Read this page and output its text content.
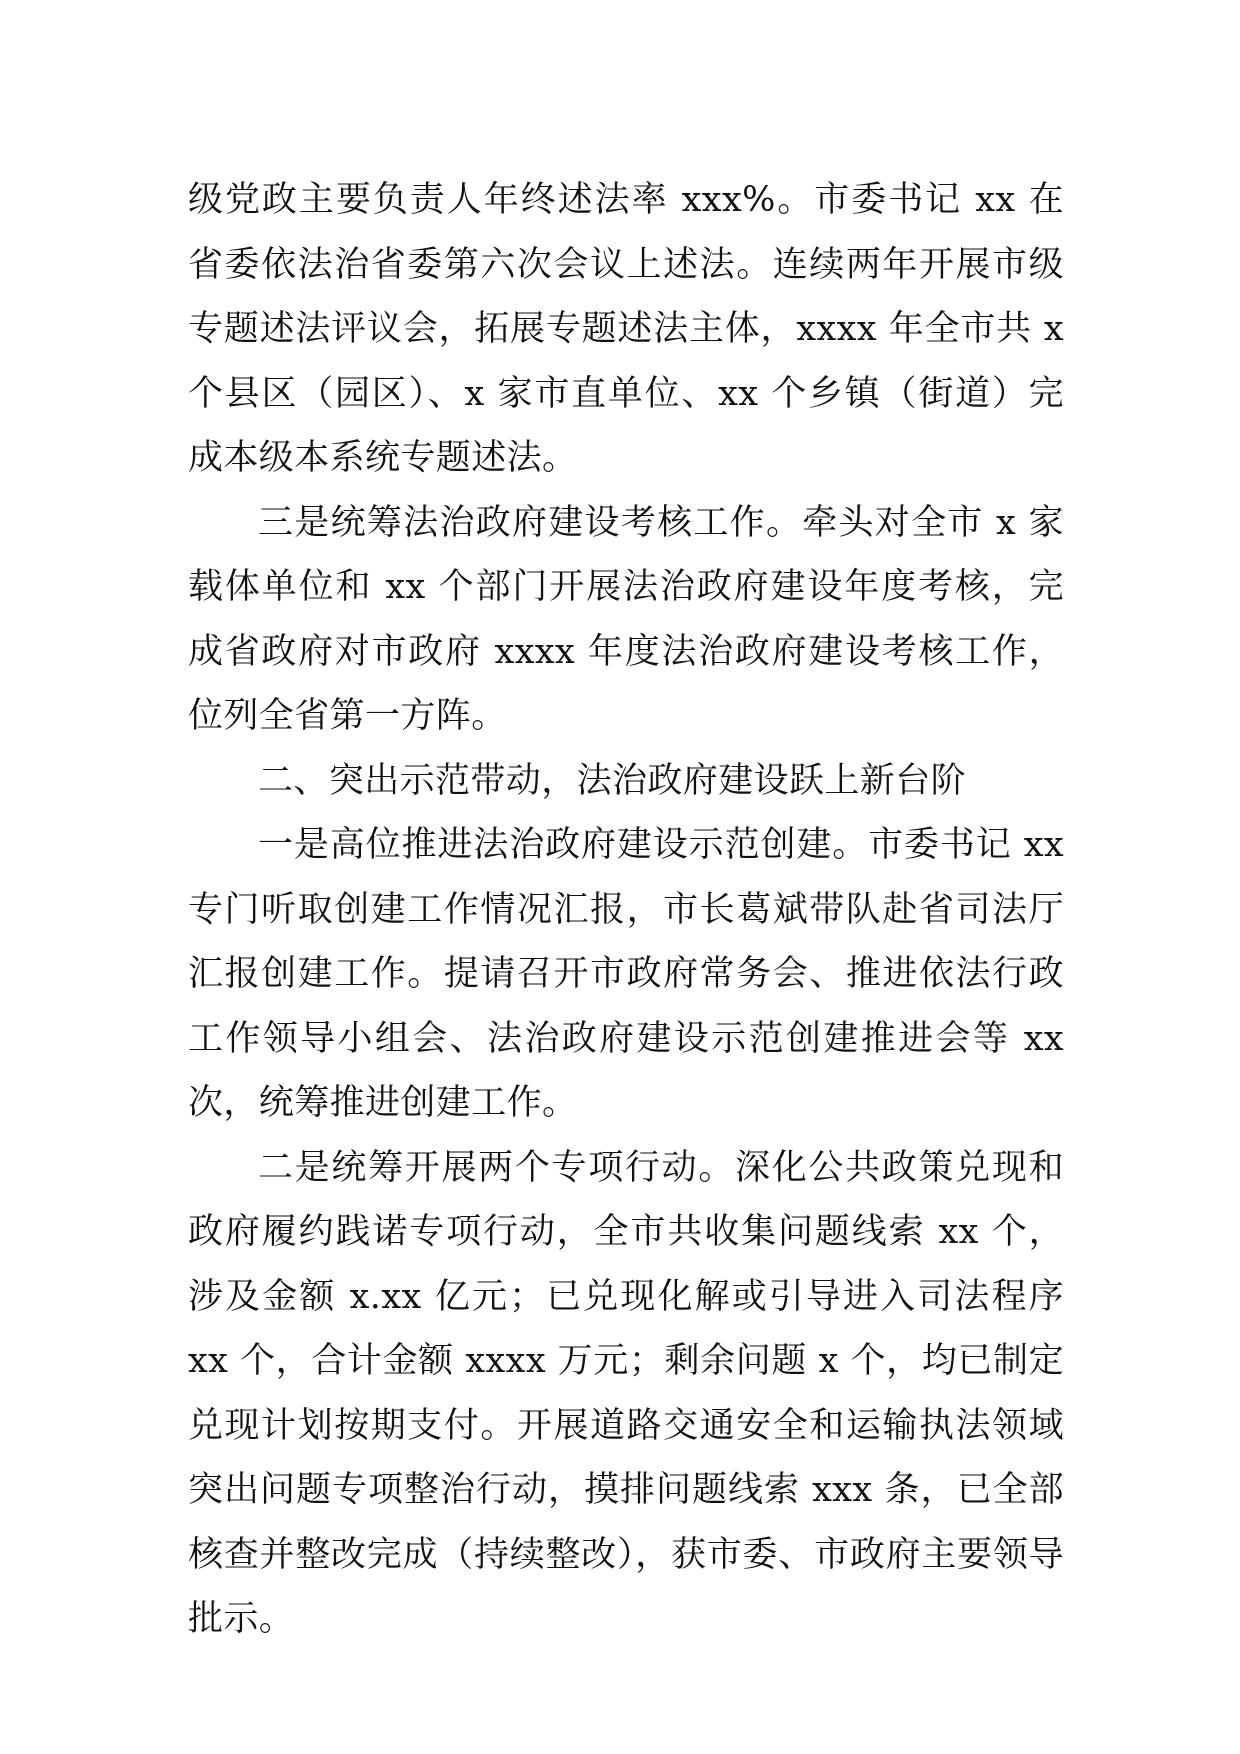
级党政主要负责人年终述法率 xxx%。市委书记 xx 在省委依法治省委第六次会议上述法。连续两年开展市级专题述法评议会，拓展专题述法主体，xxxx 年全市共 x 个县区（园区）、x 家市直单位、xx 个乡镇（街道）完成本级本系统专题述法。

三是统筹法治政府建设考核工作。牵头对全市 x 家载体单位和 xx 个部门开展法治政府建设年度考核，完成省政府对市政府 xxxx 年度法治政府建设考核工作，位列全省第一方阵。

二、突出示范带动，法治政府建设跃上新台阶

一是高位推进法治政府建设示范创建。市委书记 xx 专门听取创建工作情况汇报，市长葛斌带队赴省司法厅汇报创建工作。提请召开市政府常务会、推进依法行政工作领导小组会、法治政府建设示范创建推进会等 xx 次，统筹推进创建工作。

二是统筹开展两个专项行动。深化公共政策兑现和政府履约践诺专项行动，全市共收集问题线索 xx 个，涉及金额 x.xx 亿元；已兑现化解或引导进入司法程序 xx 个，合计金额 xxxx 万元；剩余问题 x 个，均已制定兑现计划按期支付。开展道路交通安全和运输执法领域突出问题专项整治行动，摸排问题线索 xxx 条，已全部核查并整改完成（持续整改），获市委、市政府主要领导批示。
